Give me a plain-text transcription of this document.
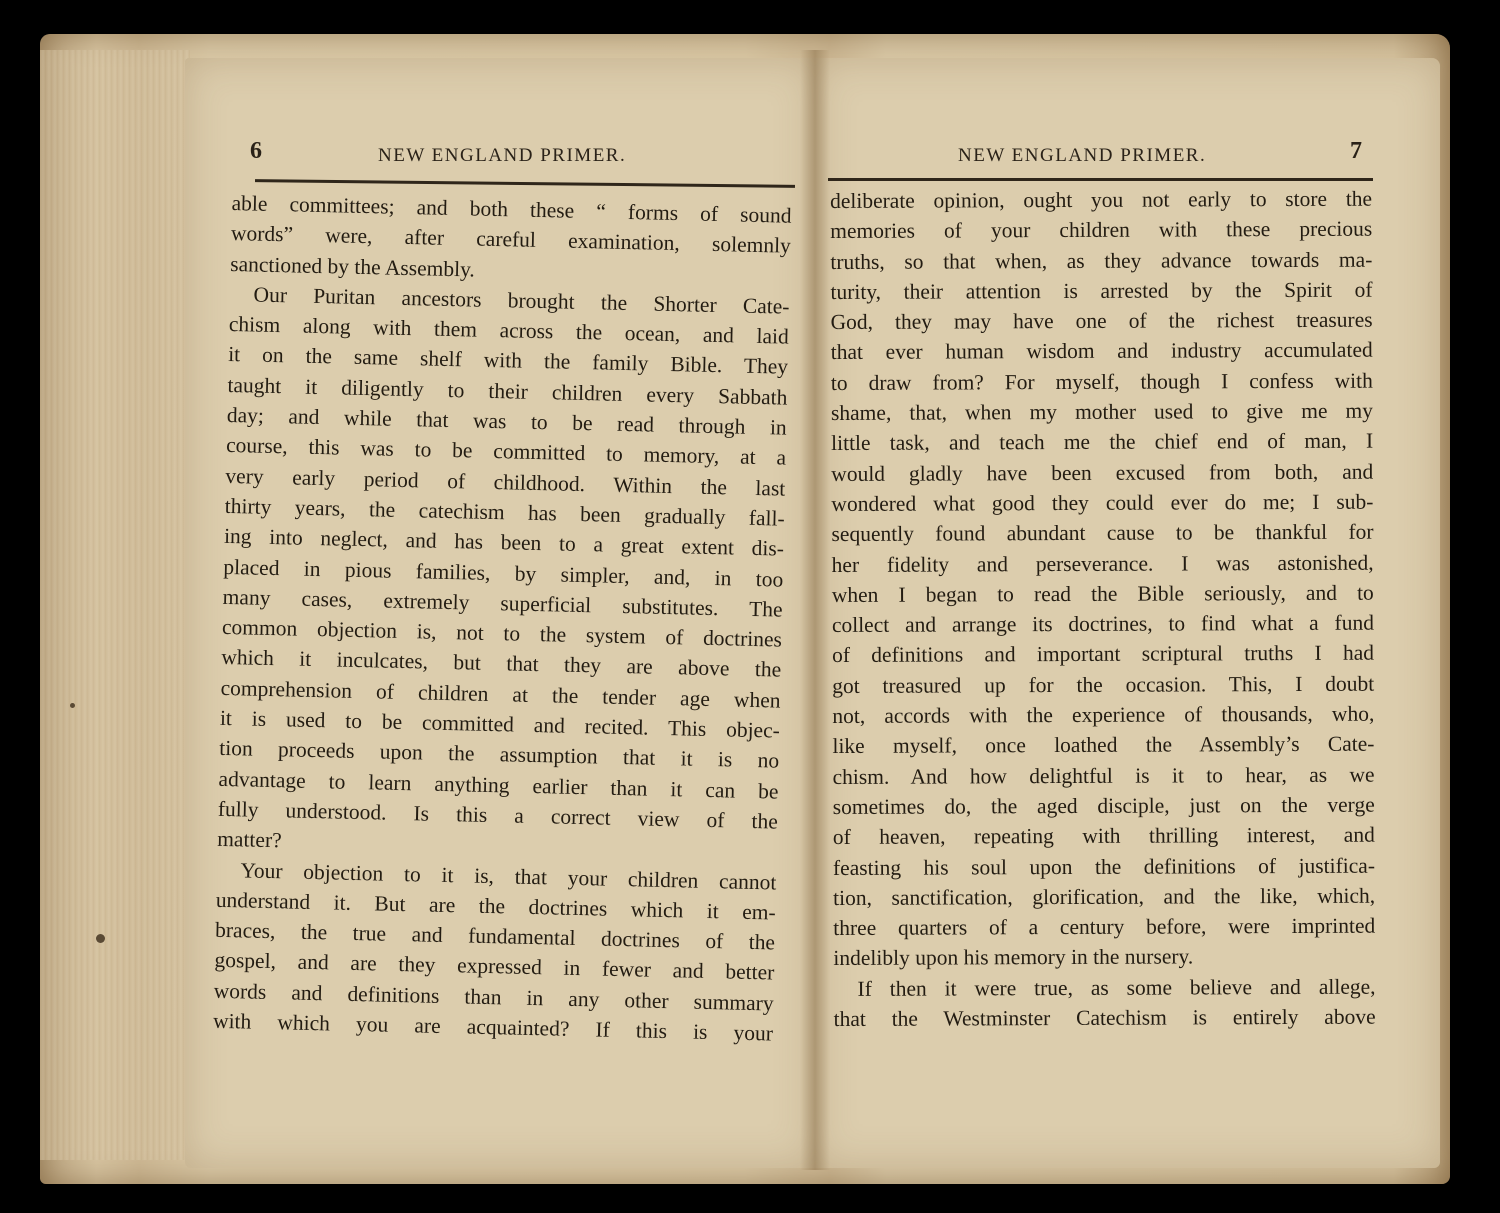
6	NEW ENGLAND PRIMER.	NEW ENGLAND PRIMER.	7
able committees; and both these “ forms of sound
words” were, after careful examination, solemnly
sanctioned by the Assembly.
Our Puritan ancestors brought the Shorter Cate-
chism along with them across the ocean, and laid
it on the same shelf with the family Bible. They
taught it diligently to their children every Sabbath
day; and while that was to be read through in
course, this was to be committed to memory, at a
very early period of childhood. Within the last
thirty years, the catechism has been gradually fall-
ing into neglect, and has been to a great extent dis-
placed in pious families, by simpler, and, in too
many cases, extremely superficial substitutes. The
common objection is, not to the system of doctrines
which it inculcates, but that they are above the
comprehension of children at the tender age when
it is used to be committed and recited. This objec-
tion proceeds upon the assumption that it is no
advantage to learn anything earlier than it can be
fully understood. Is this a correct view of the
matter?
Your objection to it is, that your children cannot
understand it. But are the doctrines which it em-
braces, the true and fundamental doctrines of the
gospel, and are they expressed in fewer and better
words and definitions than in any other summary
with which you are acquainted? If this is your
deliberate opinion, ought you not early to store the
memories of your children with these precious
truths, so that when, as they advance towards ma-
turity, their attention is arrested by the Spirit of
God, they may have one of the richest treasures
that ever human wisdom and industry accumulated
to draw from? For myself, though I confess with
shame, that, when my mother used to give me my
little task, and teach me the chief end of man, I
would gladly have been excused from both, and
wondered what good they could ever do me; I sub-
sequently found abundant cause to be thankful for
her fidelity and perseverance. I was astonished,
when I began to read the Bible seriously, and to
collect and arrange its doctrines, to find what a fund
of definitions and important scriptural truths I had
got treasured up for the occasion. This, I doubt
not, accords with the experience of thousands, who,
like myself, once loathed the Assembly’s Cate-
chism. And how delightful is it to hear, as we
sometimes do, the aged disciple, just on the verge
of heaven, repeating with thrilling interest, and
feasting his soul upon the definitions of justifica-
tion, sanctification, glorification, and the like, which,
three quarters of a century before, were imprinted
indelibly upon his memory in the nursery.
If then it were true, as some believe and allege,
that the Westminster Catechism is entirely above
